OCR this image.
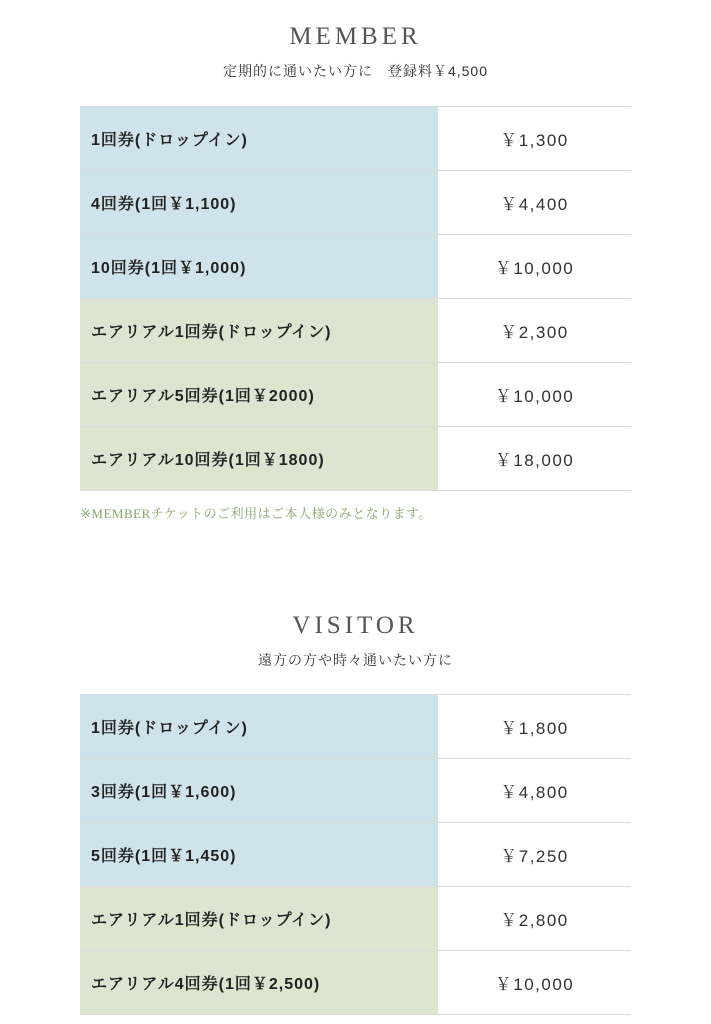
MEMBER

定期的に通いたい方に　登録料￥4,500

1回券(ドロップイン)	￥1,300
4回券(1回￥1,100)	￥4,400
10回券(1回￥1,000)	￥10,000
エアリアル1回券(ドロップイン)	￥2,300
エアリアル5回券(1回￥2000)	￥10,000
エアリアル10回券(1回￥1800)	￥18,000
※MEMBERチケットのご利用はご本人様のみとなります。
VISITOR

遠方の方や時々通いたい方に

1回券(ドロップイン)	￥1,800
3回券(1回￥1,600)	￥4,800
5回券(1回￥1,450)	￥7,250
エアリアル1回券(ドロップイン)	￥2,800
エアリアル4回券(1回￥2,500)	￥10,000
